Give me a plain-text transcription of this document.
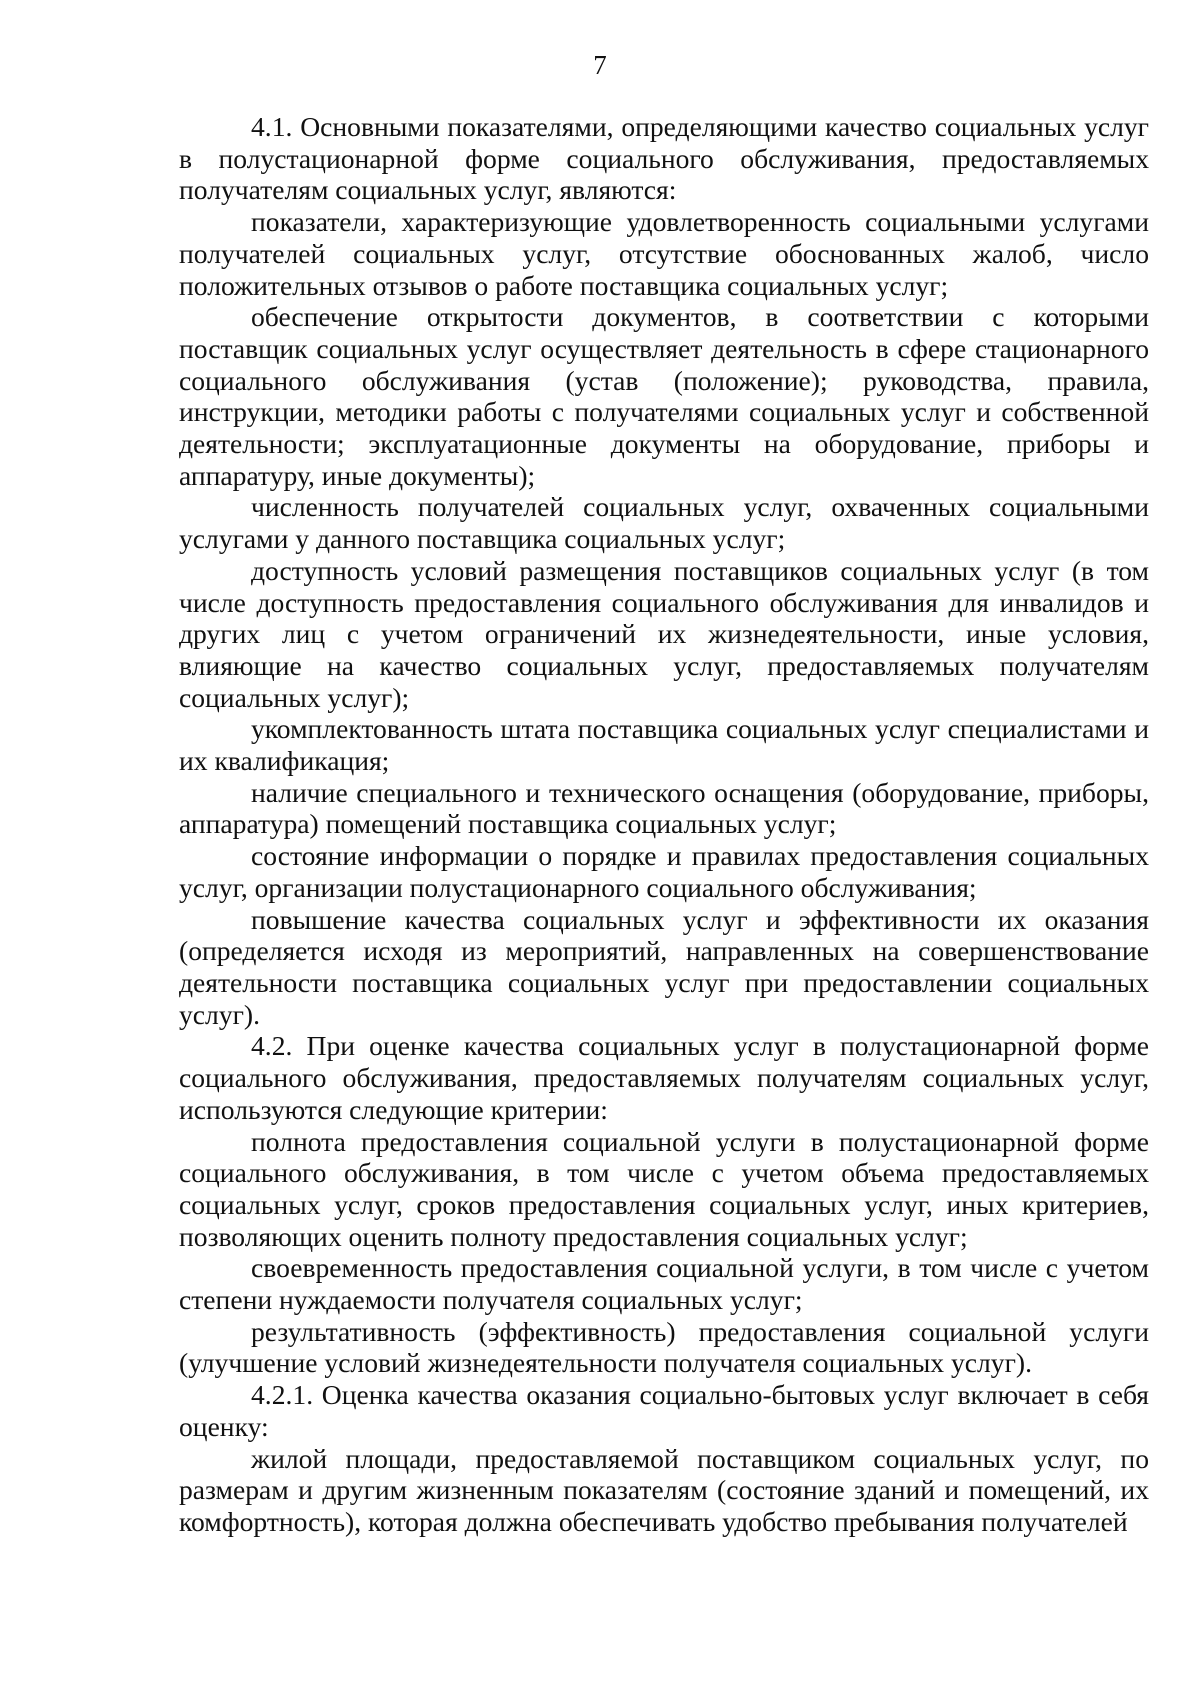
7

4.1. Основными показателями, определяющими качество социальных услуг в полустационарной форме социального обслуживания, предоставляемых получателям социальных услуг, являются:

показатели, характеризующие удовлетворенность социальными услугами получателей социальных услуг, отсутствие обоснованных жалоб, число положительных отзывов о работе поставщика социальных услуг;

обеспечение открытости документов, в соответствии с которыми поставщик социальных услуг осуществляет деятельность в сфере стационарного социального обслуживания (устав (положение); руководства, правила, инструкции, методики работы с получателями социальных услуг и собственной деятельности; эксплуатационные документы на оборудование, приборы и аппаратуру, иные документы);

численность получателей социальных услуг, охваченных социальными услугами у данного поставщика социальных услуг;

доступность условий размещения поставщиков социальных услуг (в том числе доступность предоставления социального обслуживания для инвалидов и других лиц с учетом ограничений их жизнедеятельности, иные условия, влияющие на качество социальных услуг, предоставляемых получателям социальных услуг);

укомплектованность штата поставщика социальных услуг специалистами и их квалификация;

наличие специального и технического оснащения (оборудование, приборы, аппаратура) помещений поставщика социальных услуг;

состояние информации о порядке и правилах предоставления социальных услуг, организации полустационарного социального обслуживания;

повышение качества социальных услуг и эффективности их оказания (определяется исходя из мероприятий, направленных на совершенствование деятельности поставщика социальных услуг при предоставлении социальных услуг).

4.2. При оценке качества социальных услуг в полустационарной форме социального обслуживания, предоставляемых получателям социальных услуг, используются следующие критерии:

полнота предоставления социальной услуги в полустационарной форме социального обслуживания, в том числе с учетом объема предоставляемых социальных услуг, сроков предоставления социальных услуг, иных критериев, позволяющих оценить полноту предоставления социальных услуг;

своевременность предоставления социальной услуги, в том числе с учетом степени нуждаемости получателя социальных услуг;

результативность (эффективность) предоставления социальной услуги (улучшение условий жизнедеятельности получателя социальных услуг).

4.2.1. Оценка качества оказания социально-бытовых услуг включает в себя оценку:

жилой площади, предоставляемой поставщиком социальных услуг, по размерам и другим жизненным показателям (состояние зданий и помещений, их комфортность), которая должна обеспечивать удобство пребывания получателей
